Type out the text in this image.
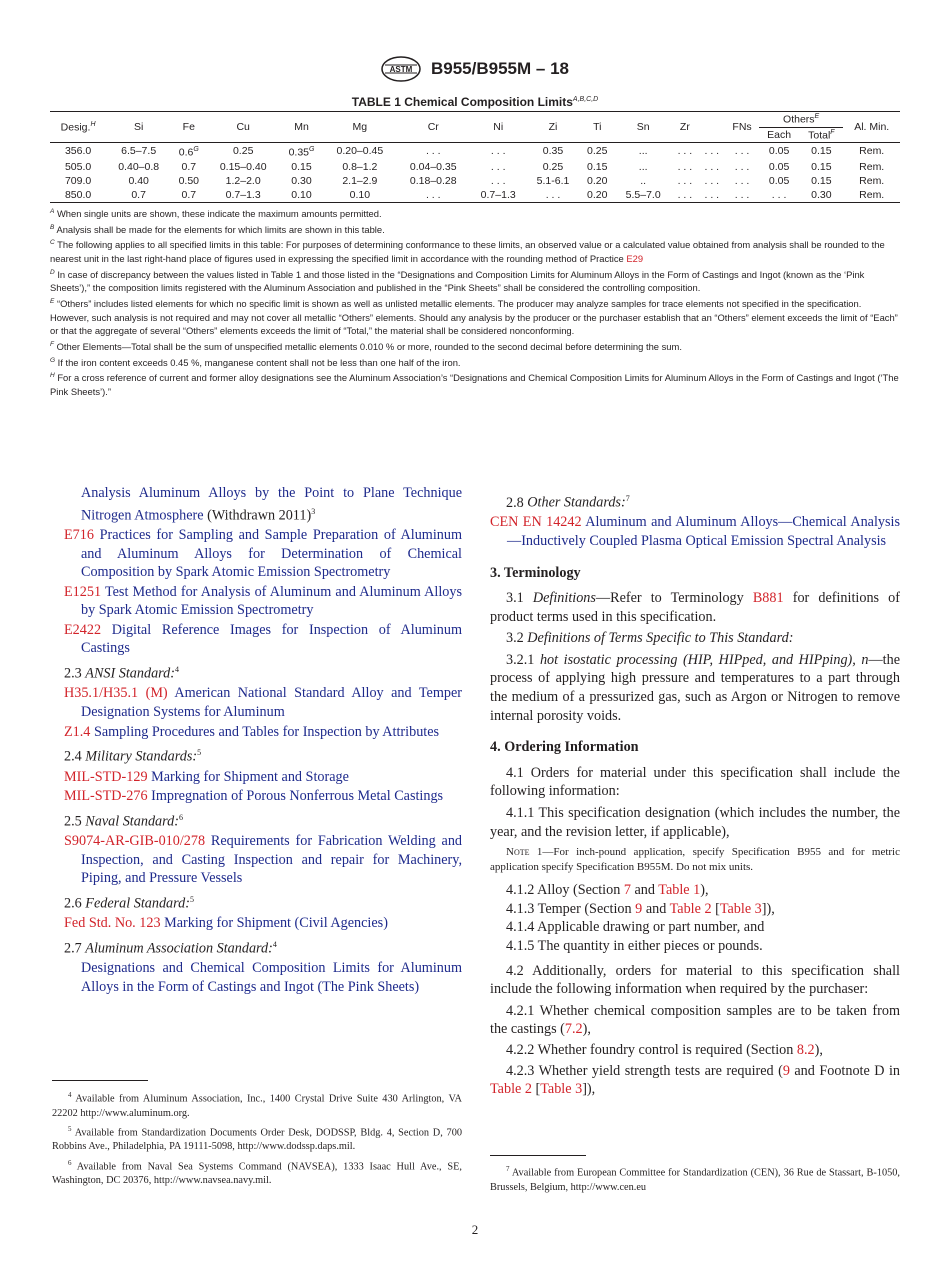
ASTM B955/B955M – 18
TABLE 1 Chemical Composition Limits$^{A,B,C,D}$
Desig.$^H$	Si	Fe	Cu	Mn	Mg	Cr	Ni	Zi	Ti	Sn	Zr		FNs	Others$^E$		Al. Min.
														Each	Total$^F$
356.0	6.5–7.5	$0.6^G$	0.25	$0.35^G$	0.20–0.45	. . .	. . .	0.35	0.25	...	. . .	. . .	. . .	0.05	0.15	Rem.
505.0	0.40–0.8	0.7	0.15–0.40	0.15	0.8–1.2	0.04–0.35	. . .	0.25	0.15	...	. . .	. . .	. . .	0.05	0.15	Rem.
709.0	0.40	0.50	1.2–2.0	0.30	2.1–2.9	0.18–0.28	. . .	5.1-6.1	0.20	..	. . .	. . .	. . .	0.05	0.15	Rem.
850.0	0.7	0.7	0.7–1.3	0.10	0.10	. . .	0.7–1.3	. . .	0.20	5.5–7.0	. . .	. . .	. . .	. . .	0.30	Rem.

$^A$ When single units are shown, these indicate the maximum amounts permitted.

$^B$ Analysis shall be made for the elements for which limits are shown in this table.

$^C$ The following applies to all specified limits in this table: For purposes of determining conformance to these limits, an observed value or a calculated value obtained from analysis shall be rounded to the nearest unit in the last right-hand place of figures used in expressing the specified limit in accordance with the rounding method of Practice E29

$^D$ In case of discrepancy between the values listed in Table 1 and those listed in the “Designations and Composition Limits for Aluminum Alloys in the Form of Castings and Ingot (known as the ‘Pink Sheets’),” the composition limits registered with the Aluminum Association and published in the “Pink Sheets” shall be considered the controlling composition.

$^E$ “Others” includes listed elements for which no specific limit is shown as well as unlisted metallic elements. The producer may analyze samples for trace elements not specified in the specification. However, such analysis is not required and may not cover all metallic “Others” elements. Should any analysis by the producer or the purchaser establish that an “Others” element exceeds the limit of “Each” or that the aggregate of several “Others” elements exceeds the limit of “Total,” the material shall be considered nonconforming.

$^F$ Other Elements—Total shall be the sum of unspecified metallic elements 0.010 % or more, rounded to the second decimal before determining the sum.

$^G$ If the iron content exceeds 0.45 %, manganese content shall not be less than one half of the iron.

$^H$ For a cross reference of current and former alloy designations see the Aluminum Association’s “Designations and Chemical Composition Limits for Aluminum Alloys in the Form of Castings and Ingot (‘The Pink Sheets’).”

Analysis Aluminum Alloys by the Point to Plane Technique Nitrogen Atmosphere (Withdrawn 2011)$^3$

E716 Practices for Sampling and Sample Preparation of Aluminum and Aluminum Alloys for Determination of Chemical Composition by Spark Atomic Emission Spectrometry

E1251 Test Method for Analysis of Aluminum and Aluminum Alloys by Spark Atomic Emission Spectrometry

E2422 Digital Reference Images for Inspection of Aluminum Castings

2.3 ANSI Standard:$^4$

H35.1/H35.1 (M) American National Standard Alloy and Temper Designation Systems for Aluminum

Z1.4 Sampling Procedures and Tables for Inspection by Attributes

2.4 Military Standards:$^5$

MIL-STD-129 Marking for Shipment and Storage

MIL-STD-276 Impregnation of Porous Nonferrous Metal Castings

2.5 Naval Standard:$^6$

S9074-AR-GIB-010/278 Requirements for Fabrication Welding and Inspection, and Casting Inspection and repair for Machinery, Piping, and Pressure Vessels

2.6 Federal Standard:$^5$

Fed Std. No. 123 Marking for Shipment (Civil Agencies)

2.7 Aluminum Association Standard:$^4$

Designations and Chemical Composition Limits for Aluminum Alloys in the Form of Castings and Ingot (The Pink Sheets)

2.8 Other Standards:$^7$

CEN EN 14242 Aluminum and Aluminum Alloys—Chemical Analysis—Inductively Coupled Plasma Optical Emission Spectral Analysis

3. Terminology

3.1 Definitions—Refer to Terminology B881 for definitions of product terms used in this specification.

3.2 Definitions of Terms Specific to This Standard:

3.2.1 hot isostatic processing (HIP, HIPped, and HIPping), n—the process of applying high pressure and temperatures to a part through the medium of a pressurized gas, such as Argon or Nitrogen to remove internal porosity voids.

4. Ordering Information

4.1 Orders for material under this specification shall include the following information:

4.1.1 This specification designation (which includes the number, the year, and the revision letter, if applicable),

Note 1—For inch-pound application, specify Specification B955 and for metric application specify Specification B955M. Do not mix units.

4.1.2 Alloy (Section 7 and Table 1),

4.1.3 Temper (Section 9 and Table 2 [Table 3]),

4.1.4 Applicable drawing or part number, and

4.1.5 The quantity in either pieces or pounds.

4.2 Additionally, orders for material to this specification shall include the following information when required by the purchaser:

4.2.1 Whether chemical composition samples are to be taken from the castings (7.2),

4.2.2 Whether foundry control is required (Section 8.2),

4.2.3 Whether yield strength tests are required (9 and Footnote D in Table 2 [Table 3]),

$^4$ Available from Aluminum Association, Inc., 1400 Crystal Drive Suite 430 Arlington, VA 22202 http://www.aluminum.org.

$^5$ Available from Standardization Documents Order Desk, DODSSP, Bldg. 4, Section D, 700 Robbins Ave., Philadelphia, PA 19111-5098, http://www.dodssp.daps.mil.

$^6$ Available from Naval Sea Systems Command (NAVSEA), 1333 Isaac Hull Ave., SE, Washington, DC 20376, http://www.navsea.navy.mil.

$^7$ Available from European Committee for Standardization (CEN), 36 Rue de Stassart, B-1050, Brussels, Belgium, http://www.cen.eu

2
